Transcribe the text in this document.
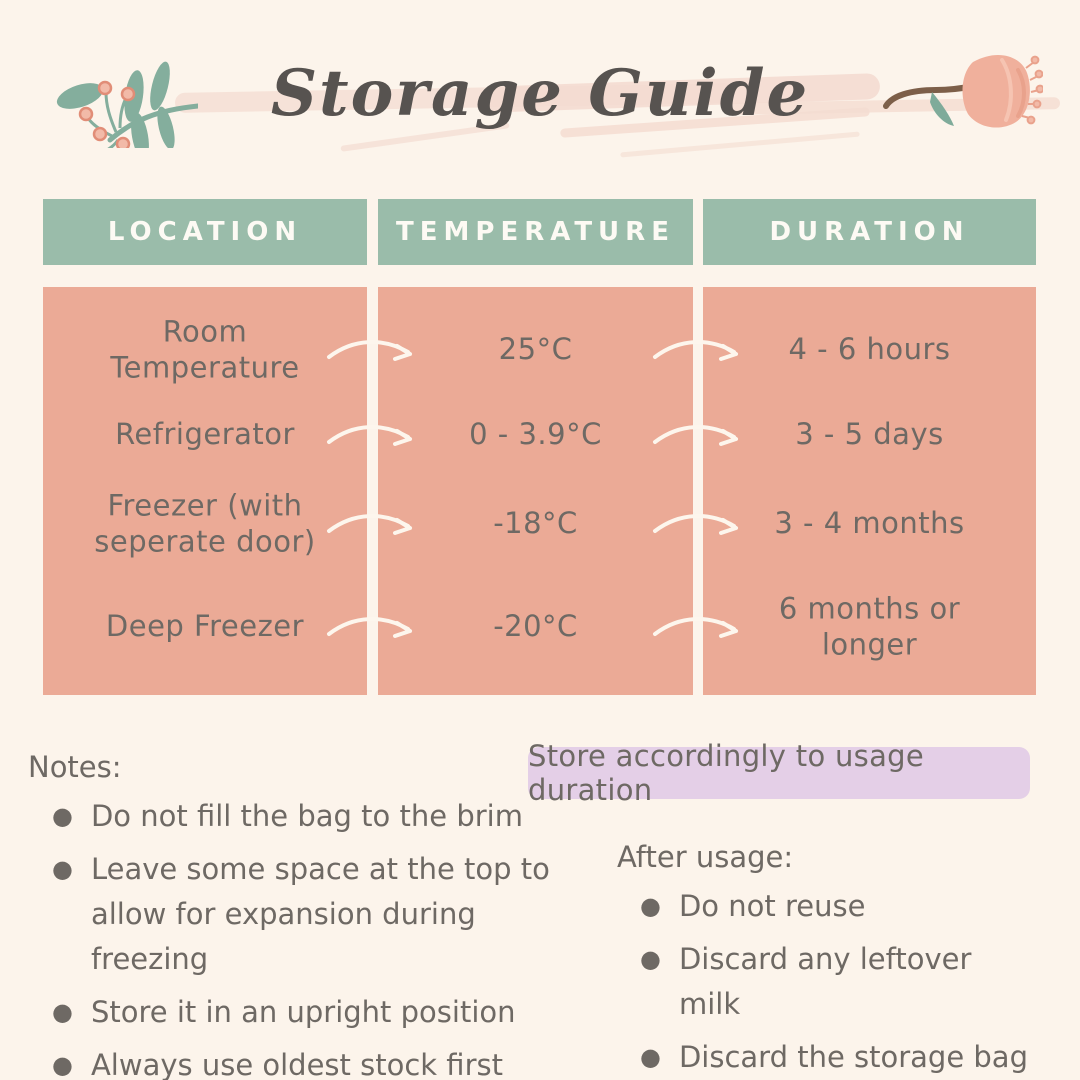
Storage Guide
LOCATION	TEMPERATURE	DURATION
Room Temperature
Refrigerator
Freezer (with seperate door)
Deep Freezer
25°C
0 - 3.9°C
-18°C
-20°C
4 - 6 hours
3 - 5 days
3 - 4 months
6 months or longer
Notes:
● Do not fill the bag to the brim
● Leave some space at the top to allow for expansion during freezing
● Store it in an upright position
● Always use oldest stock first
Store accordingly to usage duration
After usage:
● Do not reuse
● Discard any leftover milk
● Discard the storage bag
